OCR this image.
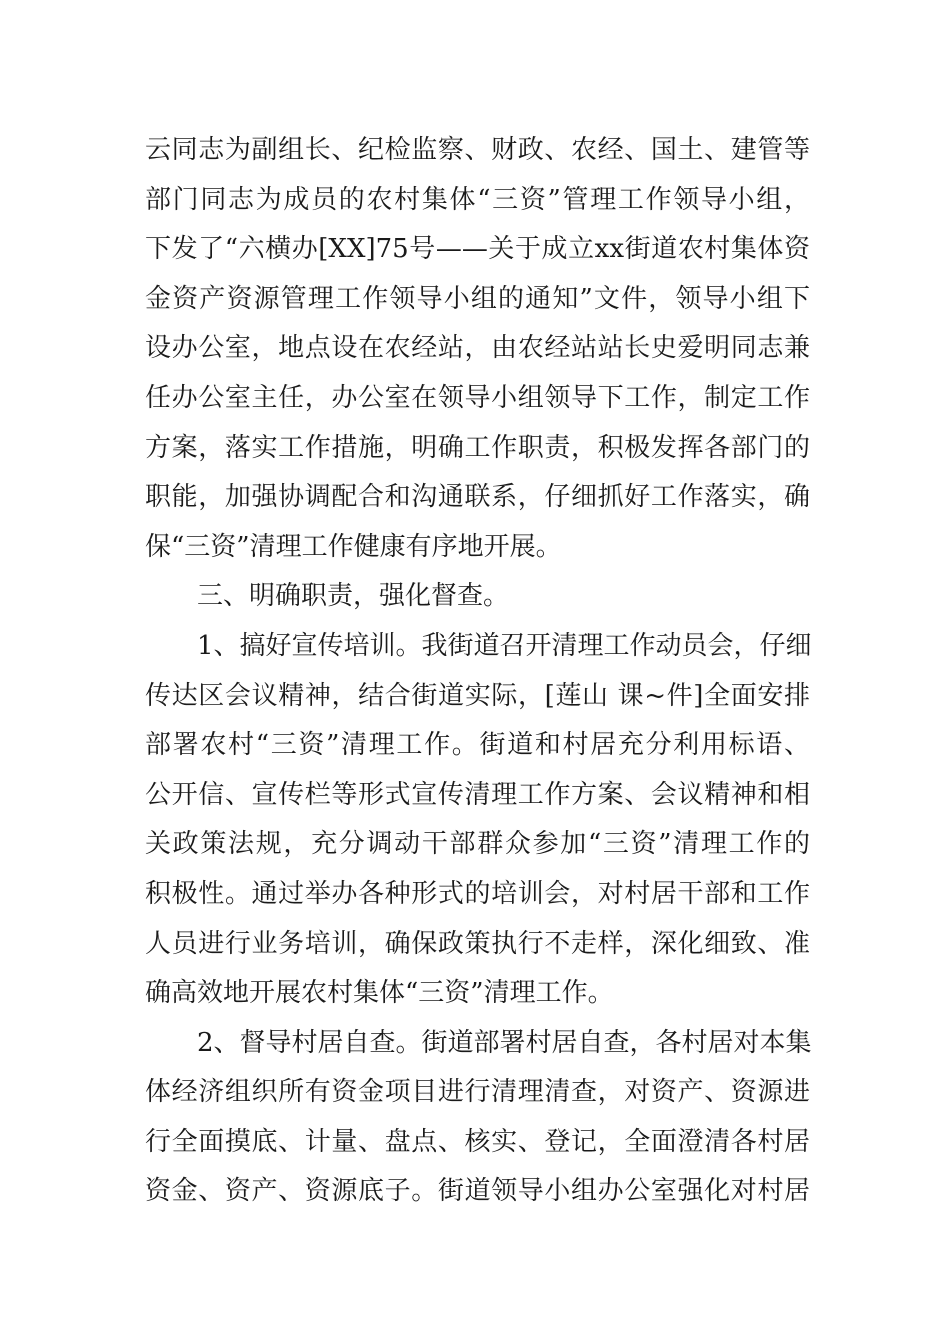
云同志为副组长、纪检监察、财政、农经、国土、建管等
部门同志为成员的农村集体“三资”管理工作领导小组，
下发了“六横办[XX]75号——关于成立xx街道农村集体资
金资产资源管理工作领导小组的通知”文件，领导小组下
设办公室，地点设在农经站，由农经站站长史爱明同志兼
任办公室主任，办公室在领导小组领导下工作，制定工作
方案，落实工作措施，明确工作职责，积极发挥各部门的
职能，加强协调配合和沟通联系，仔细抓好工作落实，确
保“三资”清理工作健康有序地开展。
三、明确职责，强化督查。
1、搞好宣传培训。我街道召开清理工作动员会，仔细
传达区会议精神，结合街道实际，[莲山 课~件]全面安排
部署农村“三资”清理工作。街道和村居充分利用标语、
公开信、宣传栏等形式宣传清理工作方案、会议精神和相
关政策法规，充分调动干部群众参加“三资”清理工作的
积极性。通过举办各种形式的培训会，对村居干部和工作
人员进行业务培训，确保政策执行不走样，深化细致、准
确高效地开展农村集体“三资”清理工作。
2、督导村居自查。街道部署村居自查，各村居对本集
体经济组织所有资金项目进行清理清查，对资产、资源进
行全面摸底、计量、盘点、核实、登记，全面澄清各村居
资金、资产、资源底子。街道领导小组办公室强化对村居
